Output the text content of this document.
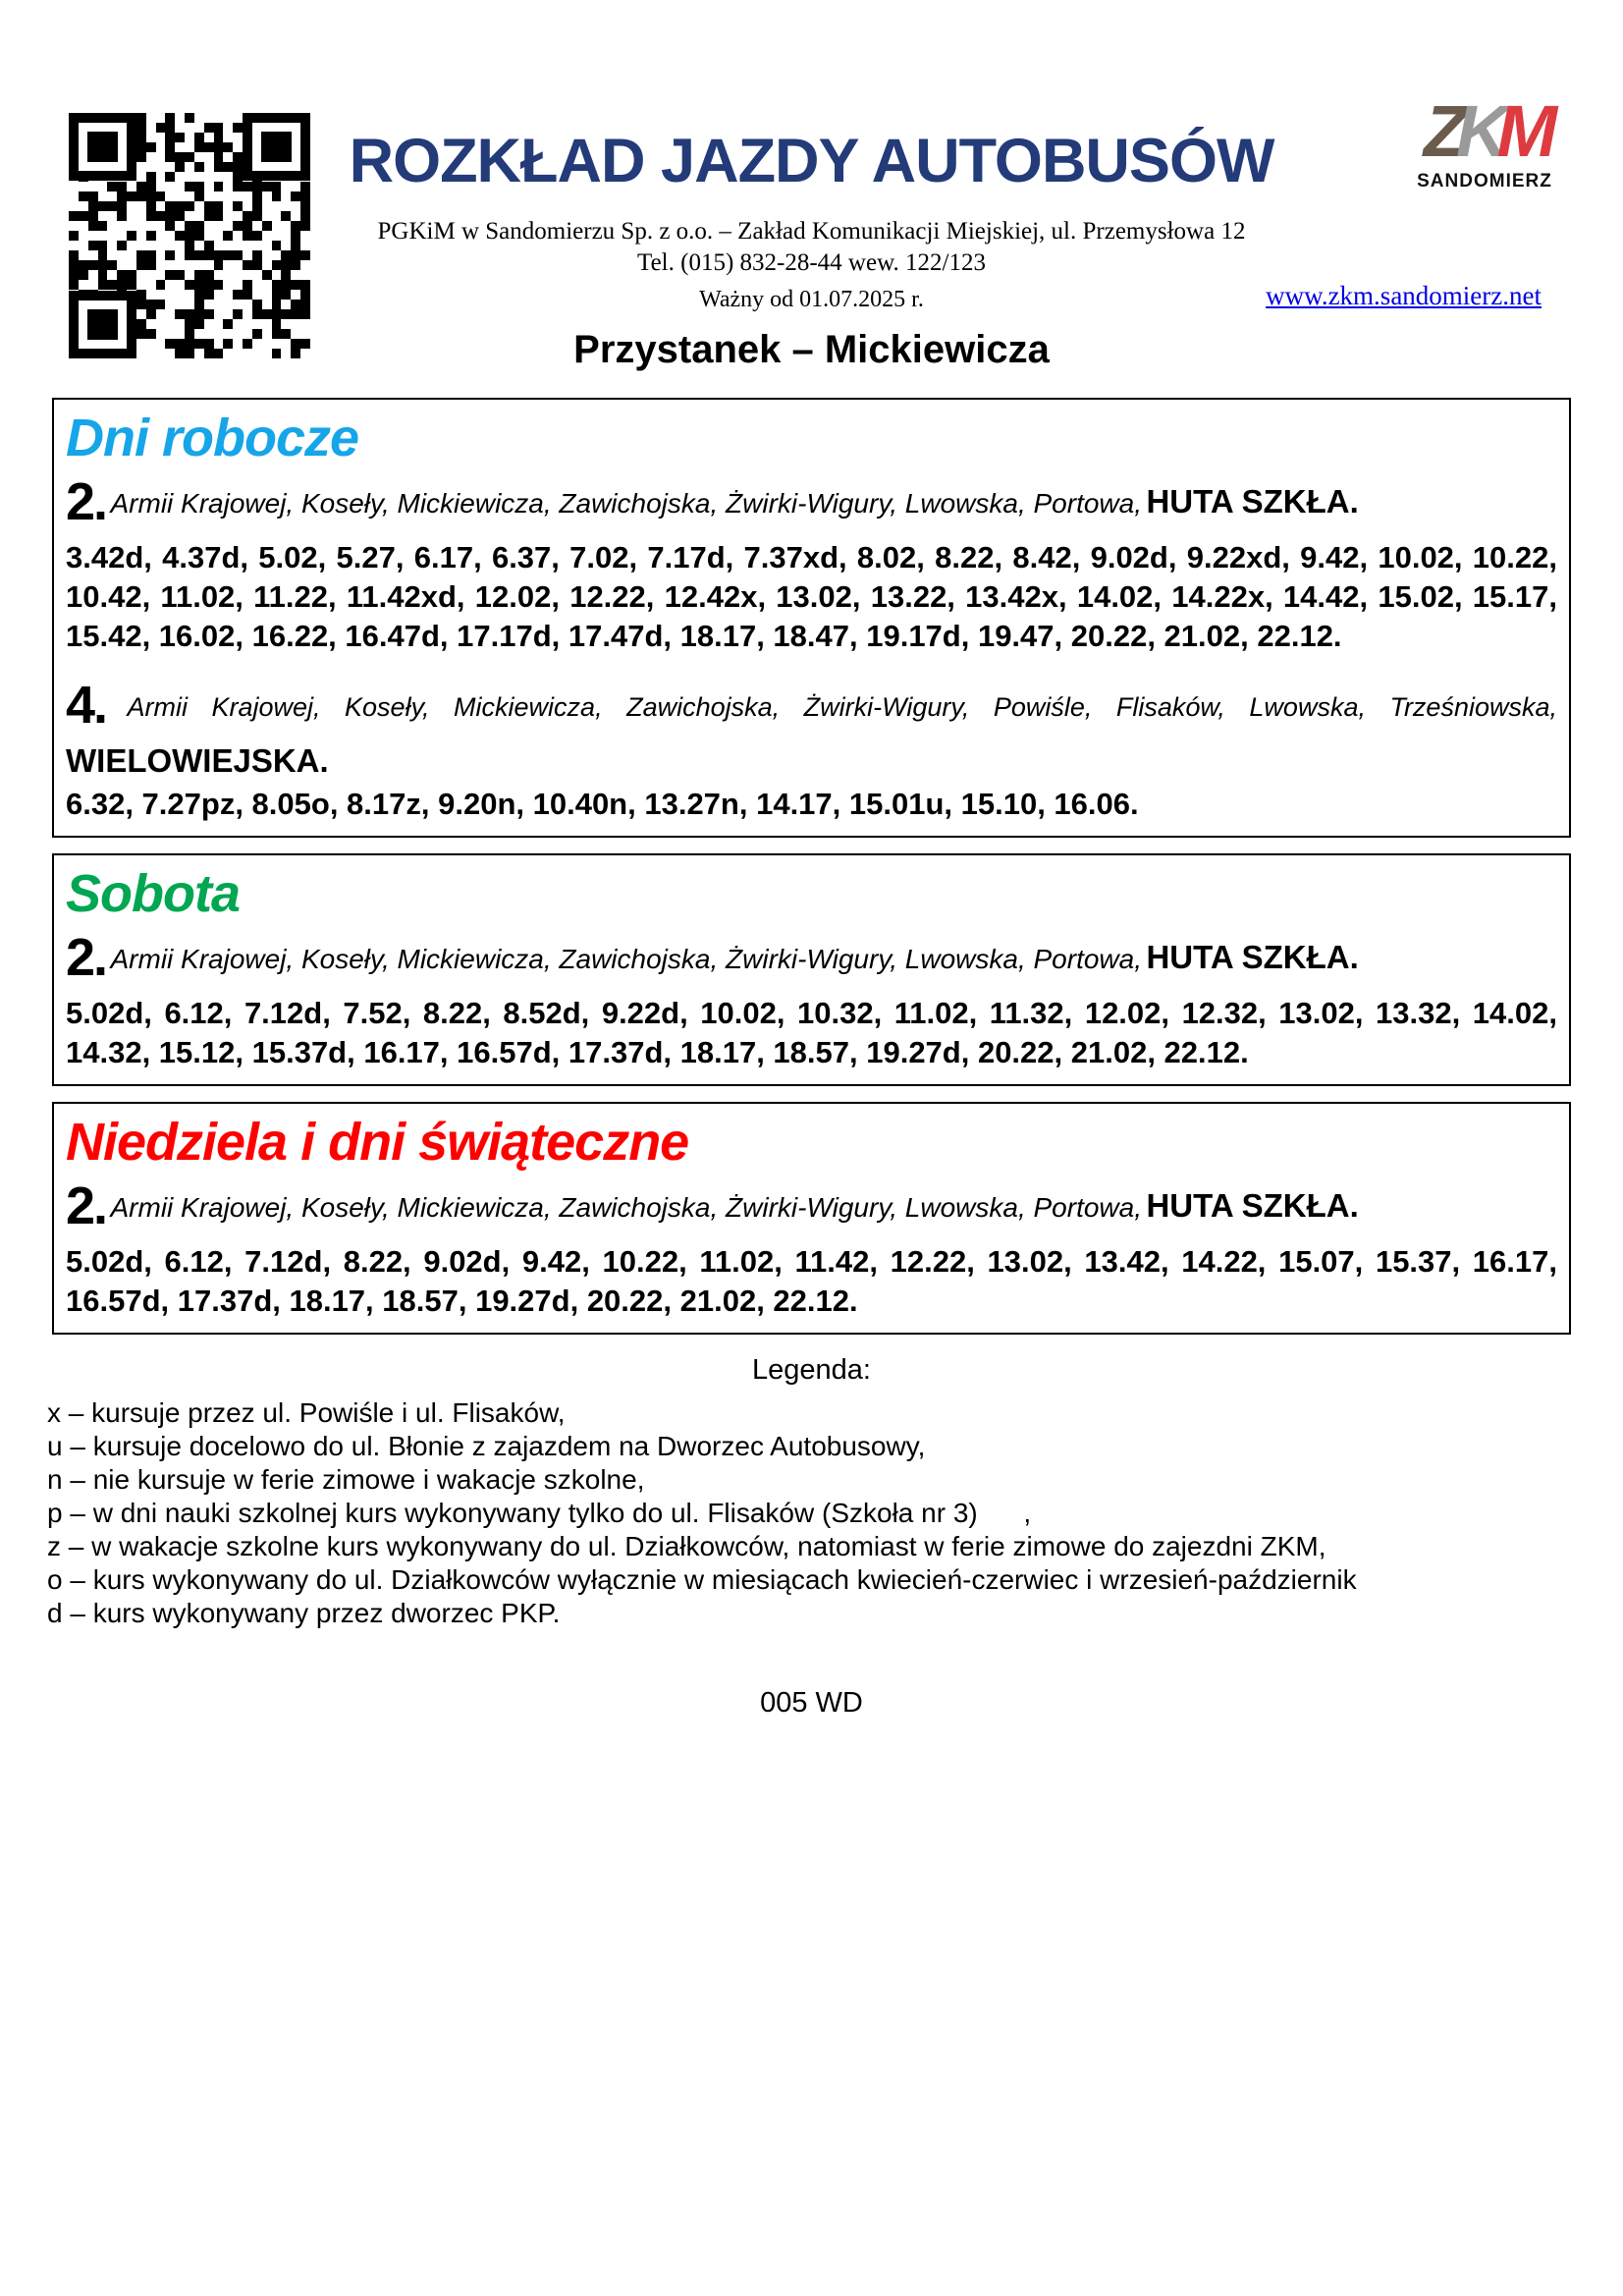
ROZKŁAD JAZDY AUTOBUSÓW
PGKiM w Sandomierzu Sp. z o.o. – Zakład Komunikacji Miejskiej, ul. Przemysłowa 12
Tel. (015) 832-28-44 wew. 122/123
Ważny od 01.07.2025 r.	www.zkm.sandomierz.net
Przystanek – Mickiewicza
ZKM
SANDOMIERZ
Dni robocze
2. Armii Krajowej, Koseły, Mickiewicza, Zawichojska, Żwirki-Wigury, Lwowska, Portowa, HUTA SZKŁA.
3.42d, 4.37d, 5.02, 5.27, 6.17, 6.37, 7.02, 7.17d, 7.37xd, 8.02, 8.22, 8.42, 9.02d, 9.22xd, 9.42, 10.02, 10.22, 10.42, 11.02, 11.22, 11.42xd, 12.02, 12.22, 12.42x, 13.02, 13.22, 13.42x, 14.02, 14.22x, 14.42, 15.02, 15.17, 15.42, 16.02, 16.22, 16.47d, 17.17d, 17.47d, 18.17, 18.47, 19.17d, 19.47, 20.22, 21.02, 22.12.
4. Armii Krajowej, Koseły, Mickiewicza, Zawichojska, Żwirki-Wigury, Powiśle, Flisaków, Lwowska, Trześniowska,
WIELOWIEJSKA.
6.32, 7.27pz, 8.05o, 8.17z, 9.20n, 10.40n, 13.27n, 14.17, 15.01u, 15.10, 16.06.
Sobota
2. Armii Krajowej, Koseły, Mickiewicza, Zawichojska, Żwirki-Wigury, Lwowska, Portowa, HUTA SZKŁA.
5.02d, 6.12, 7.12d, 7.52, 8.22, 8.52d, 9.22d, 10.02, 10.32, 11.02, 11.32, 12.02, 12.32, 13.02, 13.32, 14.02, 14.32, 15.12, 15.37d, 16.17, 16.57d, 17.37d, 18.17, 18.57, 19.27d, 20.22, 21.02, 22.12.
Niedziela i dni świąteczne
2. Armii Krajowej, Koseły, Mickiewicza, Zawichojska, Żwirki-Wigury, Lwowska, Portowa, HUTA SZKŁA.
5.02d, 6.12, 7.12d, 8.22, 9.02d, 9.42, 10.22, 11.02, 11.42, 12.22, 13.02, 13.42, 14.22, 15.07, 15.37, 16.17, 16.57d, 17.37d, 18.17, 18.57, 19.27d, 20.22, 21.02, 22.12.
Legenda:
x – kursuje przez ul. Powiśle i ul. Flisaków,
u – kursuje docelowo do ul. Błonie z zajazdem na Dworzec Autobusowy,
n – nie kursuje w ferie zimowe i wakacje szkolne,
p – w dni nauki szkolnej kurs wykonywany tylko do ul. Flisaków (Szkoła nr 3)      ,
z – w wakacje szkolne kurs wykonywany do ul. Działkowców, natomiast w ferie zimowe do zajezdni ZKM,
o – kurs wykonywany do ul. Działkowców wyłącznie w miesiącach kwiecień-czerwiec i wrzesień-październik
d – kurs wykonywany przez dworzec PKP.
005 WD
